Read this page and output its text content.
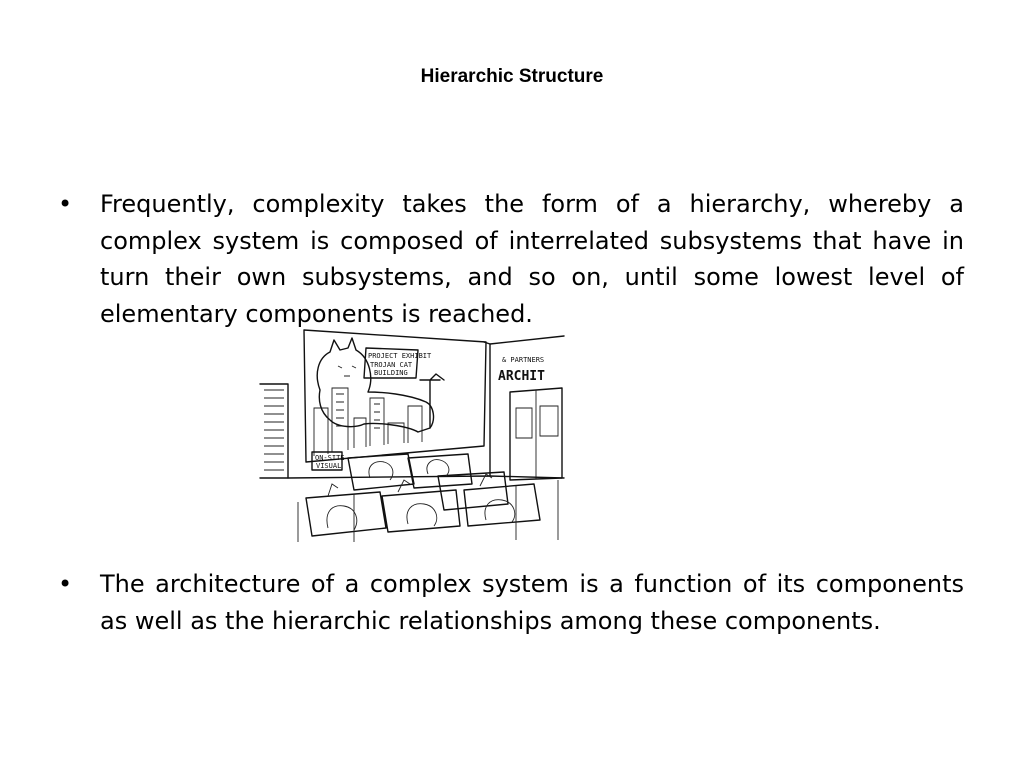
Hierarchic Structure
•	Frequently, complexity takes the form of a hierarchy, whereby a complex system is composed of interrelated subsystems that have in turn their own subsystems, and so on, until some lowest level of elementary components is reached.
PROJECT EXHIBIT
TROJAN CAT
BUILDING
ON-SITE
VISUAL
& PARTNERS
ARCHIT
•	The architecture of a complex system is a function of its components as well as the hierarchic relationships among these components.
